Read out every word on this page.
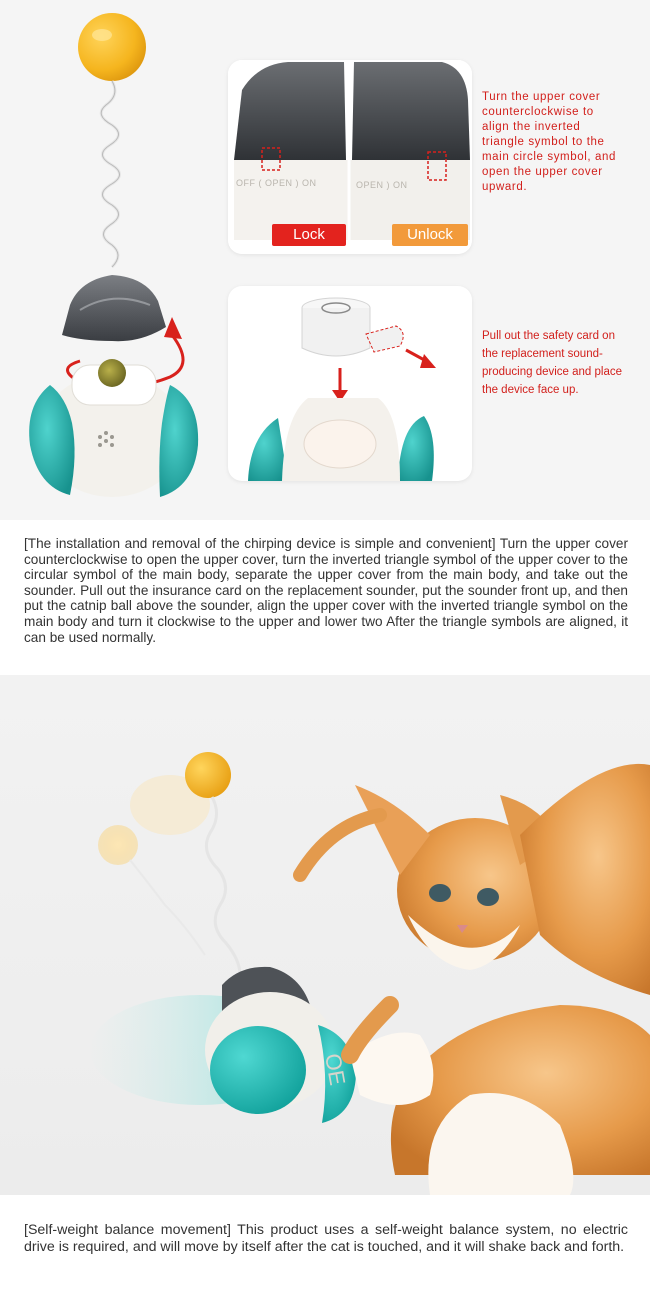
OFF ( OPEN ) ON	OPEN ) ON
Lock	Unlock
Turn the upper cover counterclockwise to align the inverted triangle symbol to the main circle symbol, and open the upper cover upward.
Pull out the safety card on the replacement sound-producing device and place the device face up.
[The installation and removal of the chirping device is simple and convenient] Turn the upper cover counterclockwise to open the upper cover, turn the inverted triangle symbol of the upper cover to the circular symbol of the main body, separate the upper cover from the main body, and take out the sounder. Pull out the insurance card on the replacement sounder, put the sounder front up, and then put the catnip ball above the sounder, align the upper cover with the inverted triangle symbol on the main body and turn it clockwise to the upper and lower two After the triangle symbols are aligned, it can be used normally.
OE
[Self-weight balance movement] This product uses a self-weight balance system, no electric drive is required, and will move by itself after the cat is touched, and it will shake back and forth.
